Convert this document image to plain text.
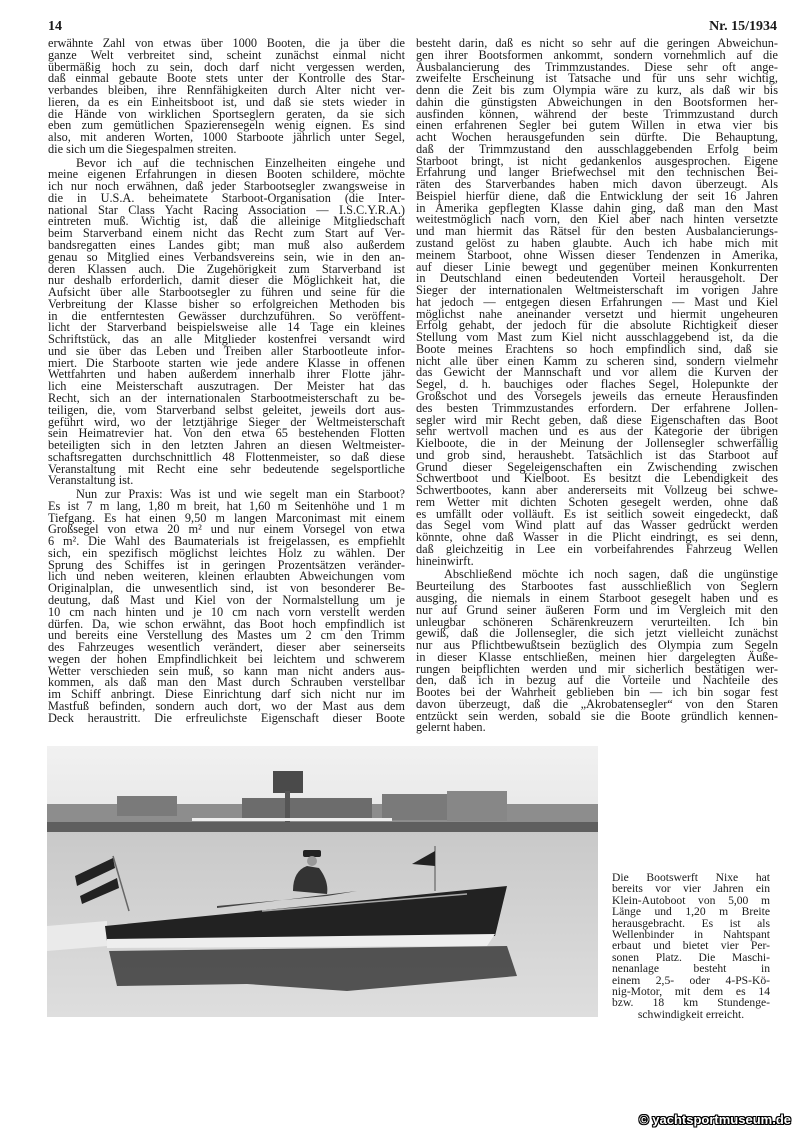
14	Nr. 15/1934
erwähnte Zahl von etwas über 1000 Booten, die ja über die
ganze Welt verbreitet sind, scheint zunächst einmal nicht
übermäßig hoch zu sein, doch darf nicht vergessen werden,
daß einmal gebaute Boote stets unter der Kontrolle des Star-
verbandes bleiben, ihre Rennfähigkeiten durch Alter nicht ver-
lieren, da es ein Einheitsboot ist, und daß sie stets wieder in
die Hände von wirklichen Sportseglern geraten, da sie sich
eben zum gemütlichen Spazierensegeln wenig eignen. Es sind
also, mit anderen Worten, 1000 Starboote jährlich unter Segel,
die sich um die Siegespalmen streiten.
Bevor ich auf die technischen Einzelheiten eingehe und
meine eigenen Erfahrungen in diesen Booten schildere, möchte
ich nur noch erwähnen, daß jeder Starbootsegler zwangsweise in
die in U.S.A. beheimatete Starboot-Organisation (die Inter-
national Star Class Yacht Racing Association — I.S.C.Y.R.A.)
eintreten muß. Wichtig ist, daß die alleinige Mitgliedschaft
beim Starverband einem nicht das Recht zum Start auf Ver-
bandsregatten eines Landes gibt; man muß also außerdem
genau so Mitglied eines Verbandsvereins sein, wie in den an-
deren Klassen auch. Die Zugehörigkeit zum Starverband ist
nur deshalb erforderlich, damit dieser die Möglichkeit hat, die
Aufsicht über alle Starbootsegler zu führen und seine für die
Verbreitung der Klasse bisher so erfolgreichen Methoden bis
in die entferntesten Gewässer durchzuführen. So veröffent-
licht der Starverband beispielsweise alle 14 Tage ein kleines
Schriftstück, das an alle Mitglieder kostenfrei versandt wird
und sie über das Leben und Treiben aller Starbootleute infor-
miert. Die Starboote starten wie jede andere Klasse in offenen
Wettfahrten und haben außerdem innerhalb ihrer Flotte jähr-
lich eine Meisterschaft auszutragen. Der Meister hat das
Recht, sich an der internationalen Starbootmeisterschaft zu be-
teiligen, die, vom Starverband selbst geleitet, jeweils dort aus-
geführt wird, wo der letztjährige Sieger der Weltmeisterschaft
sein Heimatrevier hat. Von den etwa 65 bestehenden Flotten
beteiligten sich in den letzten Jahren an diesen Weltmeister-
schaftsregatten durchschnittlich 48 Flottenmeister, so daß diese
Veranstaltung mit Recht eine sehr bedeutende segelsportliche
Veranstaltung ist.
Nun zur Praxis: Was ist und wie segelt man ein Starboot?
Es ist 7 m lang, 1,80 m breit, hat 1,60 m Seitenhöhe und 1 m
Tiefgang. Es hat einen 9,50 m langen Marconimast mit einem
Großsegel von etwa 20 m² und nur einem Vorsegel von etwa
6 m². Die Wahl des Baumaterials ist freigelassen, es empfiehlt
sich, ein spezifisch möglichst leichtes Holz zu wählen. Der
Sprung des Schiffes ist in geringen Prozentsätzen veränder-
lich und neben weiteren, kleinen erlaubten Abweichungen vom
Originalplan, die unwesentlich sind, ist von besonderer Be-
deutung, daß Mast und Kiel von der Normalstellung um je
10 cm nach hinten und je 10 cm nach vorn verstellt werden
dürfen. Da, wie schon erwähnt, das Boot hoch empfindlich ist
und bereits eine Verstellung des Mastes um 2 cm den Trimm
des Fahrzeuges wesentlich verändert, dieser aber seinerseits
wegen der hohen Empfindlichkeit bei leichtem und schwerem
Wetter verschieden sein muß, so kann man nicht anders aus-
kommen, als daß man den Mast durch Schrauben verstellbar
im Schiff anbringt. Diese Einrichtung darf sich nicht nur im
Mastfuß befinden, sondern auch dort, wo der Mast aus dem
Deck heraustritt. Die erfreulichste Eigenschaft dieser Boote
besteht darin, daß es nicht so sehr auf die geringen Abweichun-
gen ihrer Bootsformen ankommt, sondern vornehmlich auf die
Ausbalancierung des Trimmzustandes. Diese sehr oft ange-
zweifelte Erscheinung ist Tatsache und für uns sehr wichtig,
denn die Zeit bis zum Olympia wäre zu kurz, als daß wir bis
dahin die günstigsten Abweichungen in den Bootsformen her-
ausfinden können, während der beste Trimmzustand durch
einen erfahrenen Segler bei gutem Willen in etwa vier bis
acht Wochen herausgefunden sein dürfte. Die Behauptung,
daß der Trimmzustand den ausschlaggebenden Erfolg beim
Starboot bringt, ist nicht gedankenlos ausgesprochen. Eigene
Erfahrung und langer Briefwechsel mit den technischen Bei-
räten des Starverbandes haben mich davon überzeugt. Als
Beispiel hierfür diene, daß die Entwicklung der seit 16 Jahren
in Amerika gepflegten Klasse dahin ging, daß man den Mast
weitestmöglich nach vorn, den Kiel aber nach hinten versetzte
und man hiermit das Rätsel für den besten Ausbalancierungs-
zustand gelöst zu haben glaubte. Auch ich habe mich mit
meinem Starboot, ohne Wissen dieser Tendenzen in Amerika,
auf dieser Linie bewegt und gegenüber meinen Konkurrenten
in Deutschland einen bedeutenden Vorteil herausgeholt. Der
Sieger der internationalen Weltmeisterschaft im vorigen Jahre
hat jedoch — entgegen diesen Erfahrungen — Mast und Kiel
möglichst nahe aneinander versetzt und hiermit ungeheuren
Erfolg gehabt, der jedoch für die absolute Richtigkeit dieser
Stellung vom Mast zum Kiel nicht ausschlaggebend ist, da die
Boote meines Erachtens so hoch empfindlich sind, daß sie
nicht alle über einen Kamm zu scheren sind, sondern vielmehr
das Gewicht der Mannschaft und vor allem die Kurven der
Segel, d. h. bauchiges oder flaches Segel, Holepunkte der
Großschot und des Vorsegels jeweils das erneute Herausfinden
des besten Trimmzustandes erfordern. Der erfahrene Jollen-
segler wird mir Recht geben, daß diese Eigenschaften das Boot
sehr wertvoll machen und es aus der Kategorie der übrigen
Kielboote, die in der Meinung der Jollensegler schwerfällig
und grob sind, heraushebt. Tatsächlich ist das Starboot auf
Grund dieser Segeleigenschaften ein Zwischending zwischen
Schwertboot und Kielboot. Es besitzt die Lebendigkeit des
Schwertbootes, kann aber andererseits mit Vollzeug bei schwe-
rem Wetter mit dichten Schoten gesegelt werden, ohne daß
es umfällt oder volläuft. Es ist seitlich soweit eingedeckt, daß
das Segel vom Wind platt auf das Wasser gedrückt werden
könnte, ohne daß Wasser in die Plicht eindringt, es sei denn,
daß gleichzeitig in Lee ein vorbeifahrendes Fahrzeug Wellen
hineinwirft.
Abschließend möchte ich noch sagen, daß die ungünstige
Beurteilung des Starbootes fast ausschließlich von Seglern
ausging, die niemals in einem Starboot gesegelt haben und es
nur auf Grund seiner äußeren Form und im Vergleich mit den
unleugbar schöneren Schärenkreuzern verurteilten. Ich bin
gewiß, daß die Jollensegler, die sich jetzt vielleicht zunächst
nur aus Pflichtbewußtsein bezüglich des Olympia zum Segeln
in dieser Klasse entschließen, meinen hier dargelegten Äuße-
rungen beipflichten werden und mir sicherlich bestätigen wer-
den, daß ich in bezug auf die Vorteile und Nachteile des
Bootes bei der Wahrheit geblieben bin — ich bin sogar fest
davon überzeugt, daß die „Akrobatensegler“ von den Staren
entzückt sein werden, sobald sie die Boote gründlich kennen-
gelernt haben.
Die Bootswerft Nixe hat
bereits vor vier Jahren ein
Klein-Autoboot von 5,00 m
Länge und 1,20 m Breite
herausgebracht. Es ist als
Wellenbinder in Nahtspant
erbaut und bietet vier Per-
sonen Platz. Die Maschi-
nenanlage besteht in
einem 2,5- oder 4-PS-Kö-
nig-Motor, mit dem es 14
bzw. 18 km Stundenge-
schwindigkeit erreicht.
© yachtsportmuseum.de
